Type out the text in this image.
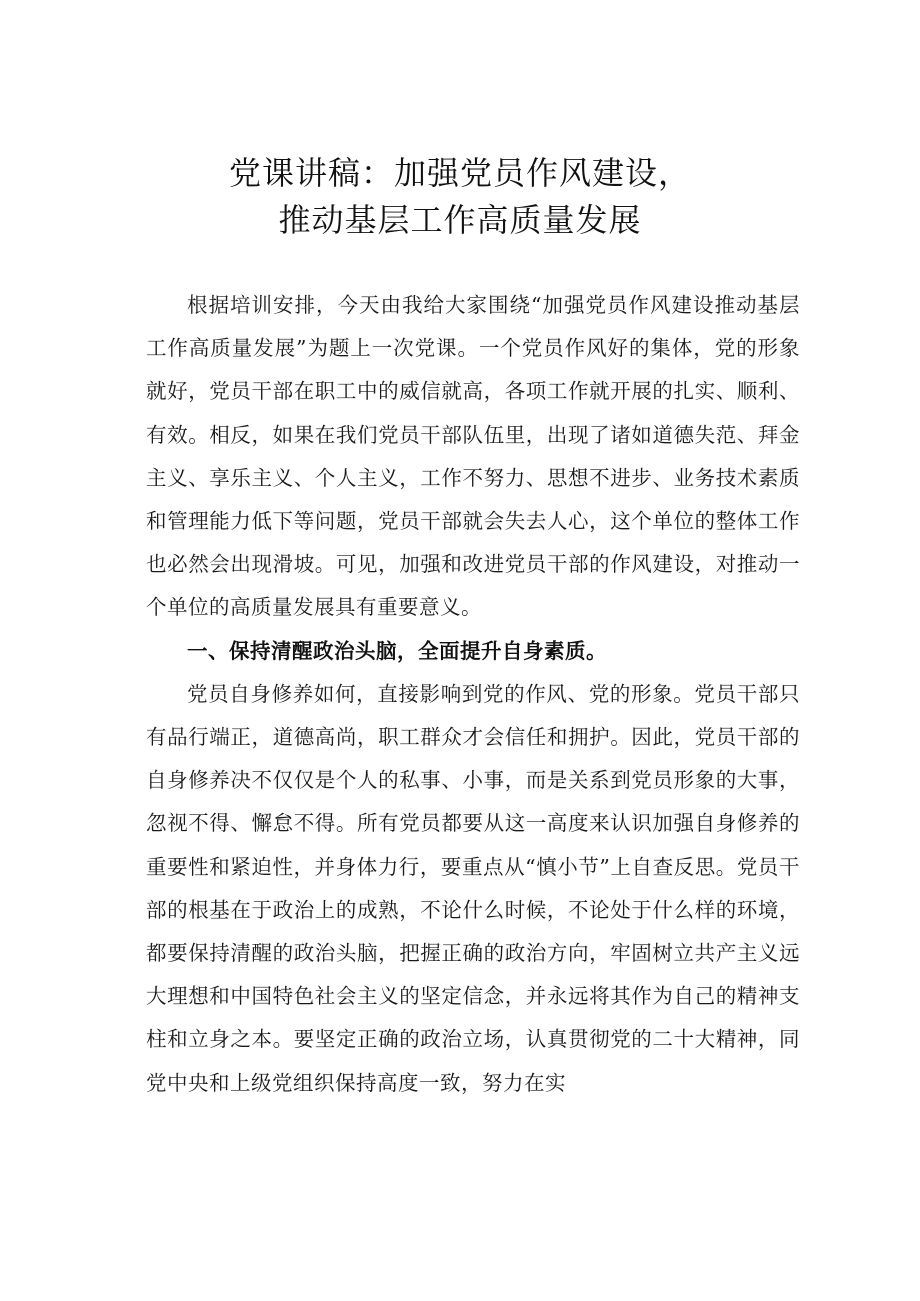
党课讲稿：加强党员作风建设，
推动基层工作高质量发展

根据培训安排，今天由我给大家围绕“加强党员作风建设推动基层工作高质量发展”为题上一次党课。一个党员作风好的集体，党的形象就好，党员干部在职工中的威信就高，各项工作就开展的扎实、顺利、有效。相反，如果在我们党员干部队伍里，出现了诸如道德失范、拜金主义、享乐主义、个人主义，工作不努力、思想不进步、业务技术素质和管理能力低下等问题，党员干部就会失去人心，这个单位的整体工作也必然会出现滑坡。可见，加强和改进党员干部的作风建设，对推动一个单位的高质量发展具有重要意义。

一、保持清醒政治头脑，全面提升自身素质。

党员自身修养如何，直接影响到党的作风、党的形象。党员干部只有品行端正，道德高尚，职工群众才会信任和拥护。因此，党员干部的自身修养决不仅仅是个人的私事、小事，而是关系到党员形象的大事，忽视不得、懈怠不得。所有党员都要从这一高度来认识加强自身修养的重要性和紧迫性，并身体力行，要重点从“慎小节”上自查反思。党员干部的根基在于政治上的成熟，不论什么时候，不论处于什么样的环境，都要保持清醒的政治头脑，把握正确的政治方向，牢固树立共产主义远大理想和中国特色社会主义的坚定信念，并永远将其作为自己的精神支柱和立身之本。要坚定正确的政治立场，认真贯彻党的二十大精神，同党中央和上级党组织保持高度一致，努力在实
